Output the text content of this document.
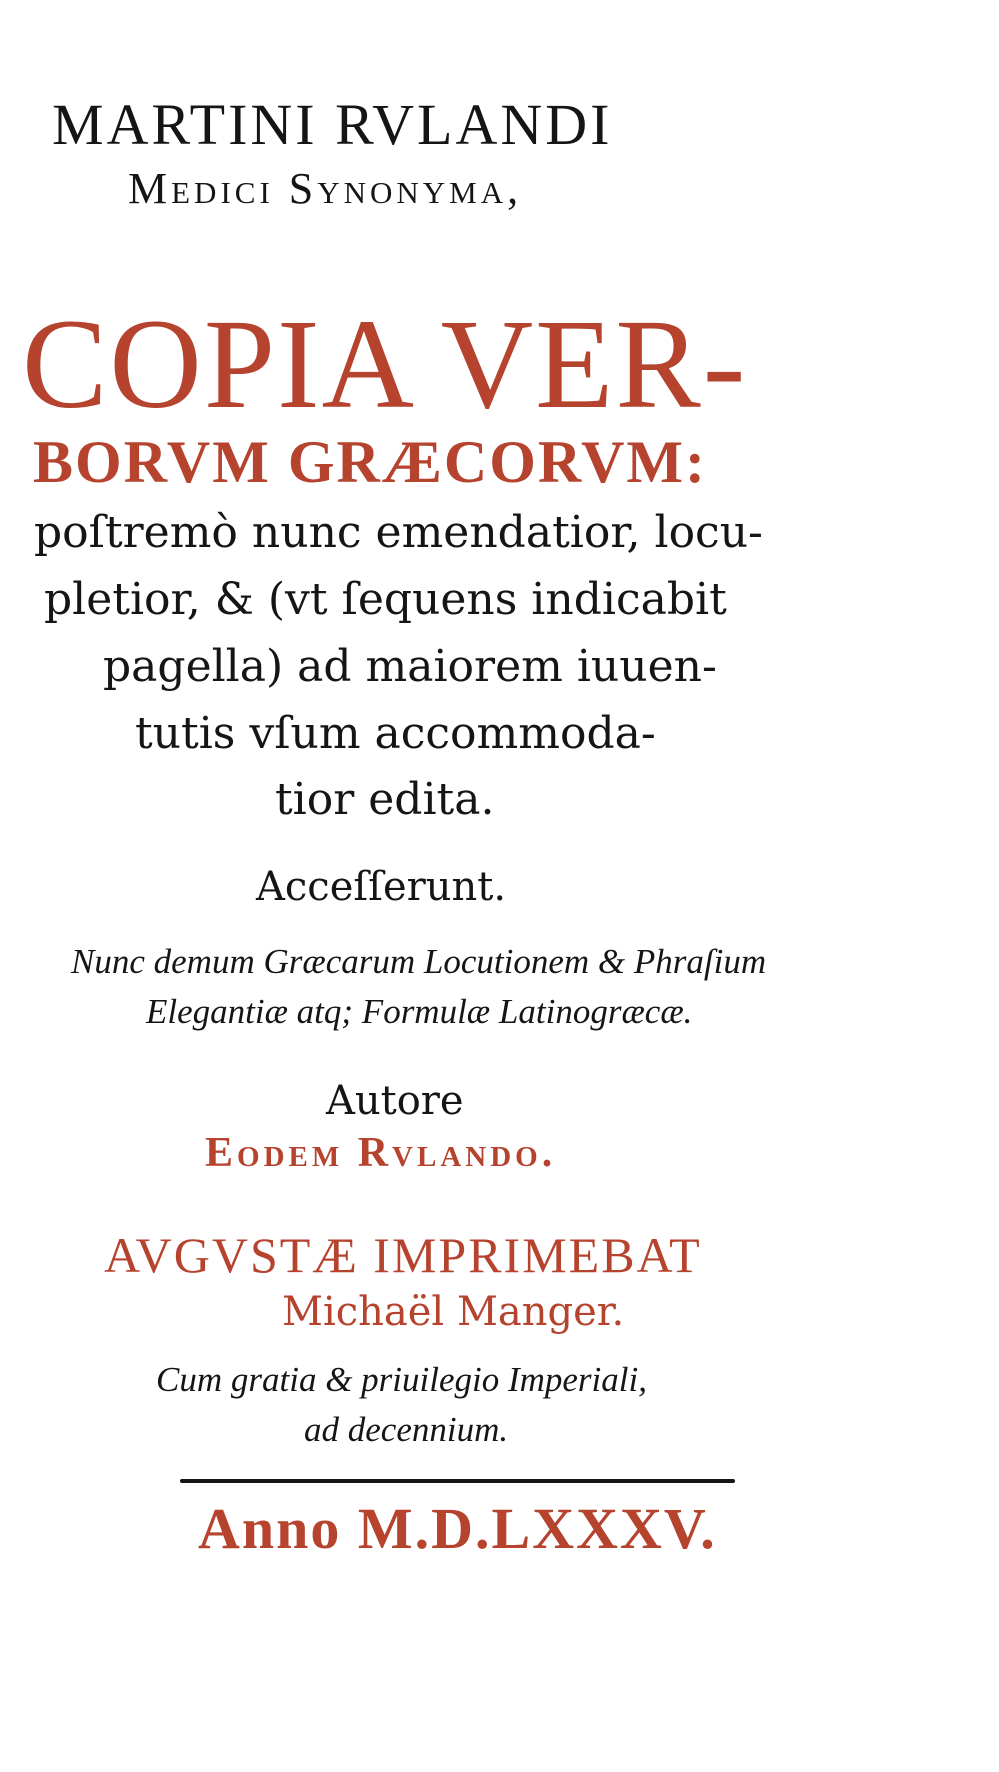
MARTINI RVLANDI
Medici Synonyma,
COPIA VER-
BORVM GRÆCORVM:
poſtremò nunc emendatior, locu-
pletior, & (vt ſequens indicabit
pagella) ad maiorem iuuen-
tutis vſum accommoda-
tior edita.
Acceſſerunt.
Nunc demum Græcarum Locutionem & Phraſium
Elegantiæ atq; Formulæ Latinogræcæ.
Autore
Eodem Rvlando.
AVGVSTÆ IMPRIMEBAT
Michaël Manger.
Cum gratia & priuilegio Imperiali,
ad decennium.
Anno M.D.LXXXV.
